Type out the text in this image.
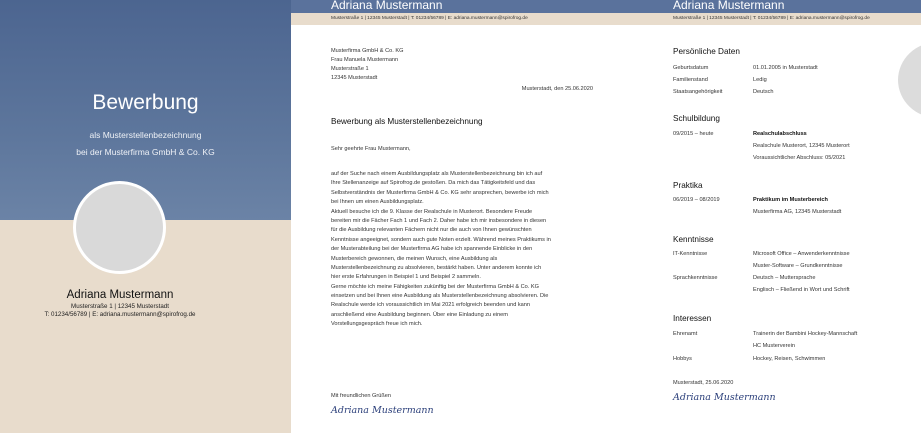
Bewerbung
als Musterstellenbezeichnung
bei der Musterfirma GmbH & Co. KG
Adriana Mustermann
Musterstraße 1 | 12345 Musterstadt
T: 01234/56789 | E: adriana.mustermann@spirofrog.de
Adriana Mustermann
Musterstraße 1 | 12345 Musterstadt | T: 01234/56789 | E: adriana.mustermann@spirofrog.de
Musterfirma GmbH & Co. KG
Frau Manuela Mustermann
Musterstraße 1
12345 Musterstadt
Musterstadt, den 25.06.2020
Bewerbung als Musterstellenbezeichnung
Sehr geehrte Frau Mustermann,
auf der Suche nach einem Ausbildungsplatz als Musterstellenbezeichnung bin ich auf
Ihre Stellenanzeige auf Spirofrog.de gestoßen. Da mich das Tätigkeitsfeld und das
Selbstverständnis der Musterfirma GmbH & Co. KG sehr ansprechen, bewerbe ich mich
bei Ihnen um einen Ausbildungsplatz.
Aktuell besuche ich die 9. Klasse der Realschule in Musterort. Besondere Freude
bereiten mir die Fächer Fach 1 und Fach 2. Daher habe ich mir insbesondere in diesen
für die Ausbildung relevanten Fächern nicht nur die auch von Ihnen gewünschten
Kenntnisse angeeignet, sondern auch gute Noten erzielt. Während meines Praktikums in
der Musterabteilung bei der Musterfirma AG habe ich spannende Einblicke in den
Musterbereich gewonnen, die meinen Wunsch, eine Ausbildung als
Musterstellenbezeichnung zu absolvieren, bestärkt haben. Unter anderem konnte ich
hier erste Erfahrungen in Beispiel 1 und Beispiel 2 sammeln.
Gerne möchte ich meine Fähigkeiten zukünftig bei der Musterfirma GmbH & Co. KG
einsetzen und bei Ihnen eine Ausbildung als Musterstellenbezeichnung absolvieren. Die
Realschule werde ich voraussichtlich im Mai 2021 erfolgreich beenden und kann
anschließend eine Ausbildung beginnen. Über eine Einladung zu einem
Vorstellungsgespräch freue ich mich.
Mit freundlichen Grüßen
Adriana Mustermann
Adriana Mustermann
Musterstraße 1 | 12345 Musterstadt | T: 01234/56789 | E: adriana.mustermann@spirofrog.de
Persönliche Daten
Geburtsdatum	01.01.2005 in Musterstadt
Familienstand	Ledig
Staatsangehörigkeit	Deutsch
Schulbildung
09/2015 – heute	Realschulabschluss
Realschule Musterort, 12345 Musterort
Voraussichtlicher Abschluss: 05/2021
Praktika
06/2019 – 08/2019	Praktikum im Musterbereich
Musterfirma AG, 12345 Musterstadt
Kenntnisse
IT-Kenntnisse	Microsoft Office – Anwenderkenntnisse
Muster-Software – Grundkenntnisse
Sprachkenntnisse	Deutsch – Muttersprache
Englisch – Fließend in Wort und Schrift
Interessen
Ehrenamt	Trainerin der Bambini Hockey-Mannschaft
HC Musterverein
Hobbys	Hockey, Reisen, Schwimmen
Musterstadt, 25.06.2020
Adriana Mustermann
